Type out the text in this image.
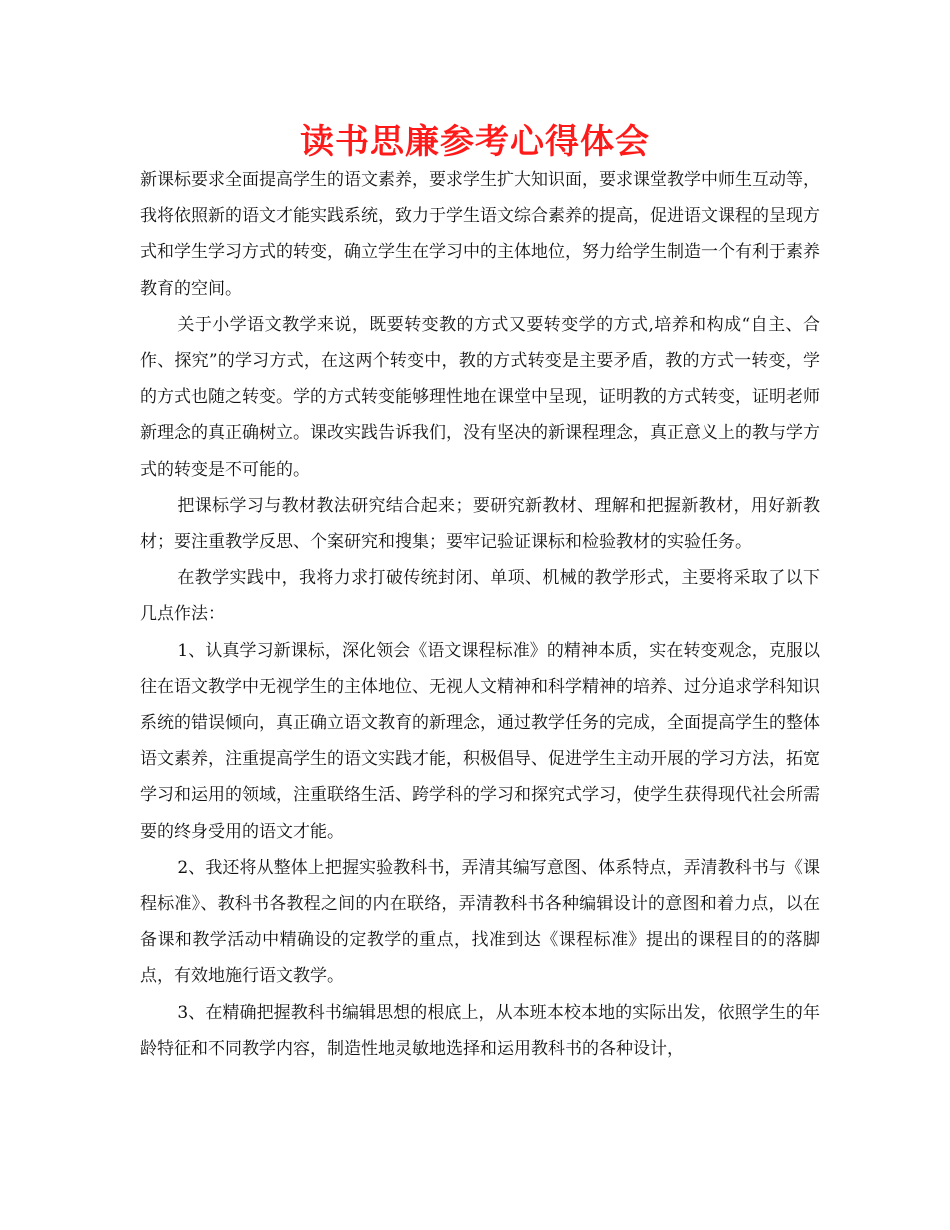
读书思廉参考心得体会

新课标要求全面提高学生的语文素养，要求学生扩大知识面，要求课堂教学中师生互动等，我将依照新的语文才能实践系统，致力于学生语文综合素养的提高，促进语文课程的呈现方式和学生学习方式的转变，确立学生在学习中的主体地位，努力给学生制造一个有利于素养教育的空间。

关于小学语文教学来说，既要转变教的方式又要转变学的方式,培养和构成“自主、合作、探究”的学习方式，在这两个转变中，教的方式转变是主要矛盾，教的方式一转变，学的方式也随之转变。学的方式转变能够理性地在课堂中呈现，证明教的方式转变，证明老师新理念的真正确树立。课改实践告诉我们，没有坚决的新课程理念，真正意义上的教与学方式的转变是不可能的。

把课标学习与教材教法研究结合起来；要研究新教材、理解和把握新教材，用好新教材；要注重教学反思、个案研究和搜集；要牢记验证课标和检验教材的实验任务。

在教学实践中，我将力求打破传统封闭、单项、机械的教学形式，主要将采取了以下几点作法：

1、认真学习新课标，深化领会《语文课程标准》的精神本质，实在转变观念，克服以往在语文教学中无视学生的主体地位、无视人文精神和科学精神的培养、过分追求学科知识系统的错误倾向，真正确立语文教育的新理念，通过教学任务的完成，全面提高学生的整体语文素养，注重提高学生的语文实践才能，积极倡导、促进学生主动开展的学习方法，拓宽学习和运用的领域，注重联络生活、跨学科的学习和探究式学习，使学生获得现代社会所需要的终身受用的语文才能。

2、我还将从整体上把握实验教科书，弄清其编写意图、体系特点，弄清教科书与《课程标准》、教科书各教程之间的内在联络，弄清教科书各种编辑设计的意图和着力点，以在备课和教学活动中精确设的定教学的重点，找准到达《课程标准》提出的课程目的的落脚点，有效地施行语文教学。

3、在精确把握教科书编辑思想的根底上，从本班本校本地的实际出发，依照学生的年龄特征和不同教学内容，制造性地灵敏地选择和运用教科书的各种设计，
